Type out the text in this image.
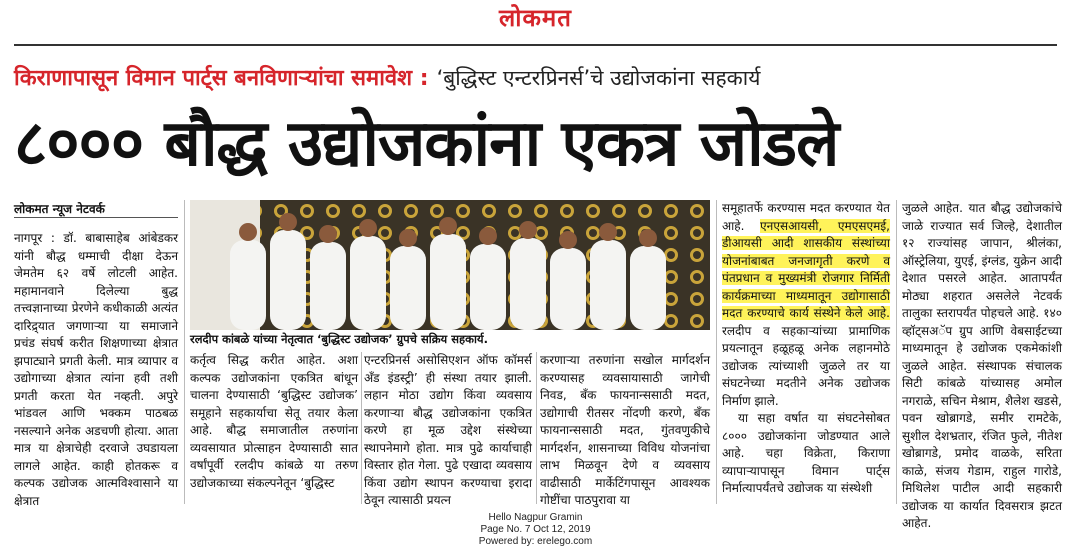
लोकमत
किराणापासून विमान पार्ट्स बनविणाऱ्यांचा समावेश : ‘बुद्धिस्ट एन्टरप्रिनर्स’चे उद्योजकांना सहकार्य
८००० बौद्ध उद्योजकांना एकत्र जोडले
लोकमत न्यूज नेटवर्क

नागपूर : डॉ. बाबासाहेब आंबेडकर यांनी बौद्ध धम्माची दीक्षा देऊन जेमतेम ६२ वर्षे लोटली आहेत. महामानवाने दिलेल्या बुद्ध तत्त्वज्ञानाच्या प्रेरणेने कधीकाळी अत्यंत दारिद्र्यात जगणाऱ्या या समाजाने प्रचंड संघर्ष करीत शिक्षणाच्या क्षेत्रात झपाट्याने प्रगती केली. मात्र व्यापार व उद्योगाच्या क्षेत्रात त्यांना हवी तशी प्रगती करता येत नव्हती. अपुरे भांडवल आणि भक्कम पाठबळ नसल्याने अनेक अडचणी होत्या. आता मात्र या क्षेत्राचेही दरवाजे उघडायला लागले आहेत. काही होतकरू व कल्पक उद्योजक आत्मविश्वासाने या क्षेत्रात

रलदीप कांबळे यांच्या नेतृत्वात ‘बुद्धिस्ट उद्योजक’ ग्रुपचे सक्रिय सहकार्य.

कर्तृत्व सिद्ध करीत आहेत. अशा कल्पक उद्योजकांना एकत्रित बांधून चालना देण्यासाठी ‘बुद्धिस्ट उद्योजक’ समूहाने सहकार्याचा सेतू तयार केला आहे. बौद्ध समाजातील तरुणांना व्यवसायात प्रोत्साहन देण्यासाठी सात वर्षांपूर्वी रलदीप कांबळे या तरुण उद्योजकाच्या संकल्पनेतून ‘बुद्धिस्ट

एन्टरप्रिनर्स असोसिएशन ऑफ कॉमर्स अँड इंडस्ट्री’ ही संस्था तयार झाली. लहान मोठा उद्योग किंवा व्यवसाय करणाऱ्या बौद्ध उद्योजकांना एकत्रित करणे हा मूळ उद्देश संस्थेच्या स्थापनेमागे होता. मात्र पुढे कार्याचाही विस्तार होत गेला. पुढे एखादा व्यवसाय किंवा उद्योग स्थापन करण्याचा इरादा ठेवून त्यासाठी प्रयत्न

करणाऱ्या तरुणांना सखोल मार्गदर्शन करण्यासह व्यवसायासाठी जागेची निवड, बँक फायनान्ससाठी मदत, उद्योगाची रीतसर नोंदणी करणे, बँक फायनान्ससाठी मदत, गुंतवणुकीचे मार्गदर्शन, शासनाच्या विविध योजनांचा लाभ मिळवून देणे व व्यवसाय वाढीसाठी मार्केटिंगपासून आवश्यक गोष्टींचा पाठपुरावा या

समूहातर्फे करण्यास मदत करण्यात येत आहे. एनएसआयसी, एमएसएमई, डीआयसी आदी शासकीय संस्थांच्या योजनांबाबत जनजागृती करणे व पंतप्रधान व मुख्यमंत्री रोजगार निर्मिती कार्यक्रमाच्या माध्यमातून उद्योगासाठी मदत करण्याचे कार्य संस्थेने केले आहे. रलदीप व सहकाऱ्यांच्या प्रामाणिक प्रयत्नातून हळूहळू अनेक लहानमोठे उद्योजक त्यांच्याशी जुळले तर या संघटनेच्या मदतीने अनेक उद्योजक निर्माण झाले.

या सहा वर्षात या संघटनेसोबत ८००० उद्योजकांना जोडण्यात आले आहे. चहा विक्रेता, किराणा व्यापाऱ्यापासून विमान पार्ट्स निर्मात्यापर्यंतचे उद्योजक या संस्थेशी

जुळले आहेत. यात बौद्ध उद्योजकांचे जाळे राज्यात सर्व जिल्हे, देशातील १२ राज्यांसह जापान, श्रीलंका, ऑस्ट्रेलिया, युएई, इंग्लंड, युक्रेन आदी देशात पसरले आहेत. आतापर्यंत मोठ्या शहरात असलेले नेटवर्क तालुका स्तरापर्यंत पोहचले आहे. १४० व्हॉट्सअॅप ग्रुप आणि वेबसाईटच्या माध्यमातून हे उद्योजक एकमेकांशी जुळले आहेत. संस्थापक संचालक सिटी कांबळे यांच्यासह अमोल नगराळे, सचिन मेश्राम, शैलेश खडसे, पवन खोब्रागडे, समीर रामटेके, सुशील देशभ्रतार, रंजित फुले, नीतेश खोब्रागडे, प्रमोद वाळके, सरिता काळे, संजय गेडाम, राहुल गारोडे, मिथिलेश पाटील आदी सहकारी उद्योजक या कार्यात दिवसरात्र झटत आहेत.

Hello Nagpur Gramin
Page No. 7 Oct 12, 2019
Powered by: erelego.com
